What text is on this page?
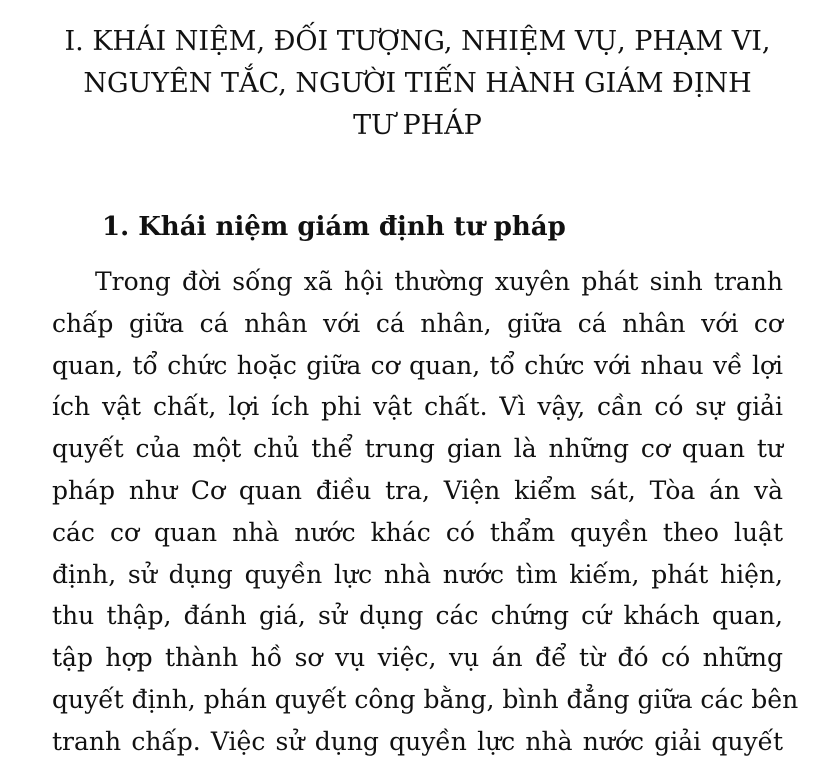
I. KHÁI NIỆM, ĐỐI TƯỢNG, NHIỆM VỤ, PHẠM VI,
NGUYÊN TẮC, NGƯỜI TIẾN HÀNH GIÁM ĐỊNH
TƯ PHÁP
1. Khái niệm giám định tư pháp
Trong đời sống xã hội thường xuyên phát sinh tranh
chấp giữa cá nhân với cá nhân, giữa cá nhân với cơ
quan, tổ chức hoặc giữa cơ quan, tổ chức với nhau về lợi
ích vật chất, lợi ích phi vật chất. Vì vậy, cần có sự giải
quyết của một chủ thể trung gian là những cơ quan tư
pháp như Cơ quan điều tra, Viện kiểm sát, Tòa án và
các cơ quan nhà nước khác có thẩm quyền theo luật
định, sử dụng quyền lực nhà nước tìm kiếm, phát hiện,
thu thập, đánh giá, sử dụng các chứng cứ khách quan,
tập hợp thành hồ sơ vụ việc, vụ án để từ đó có những
quyết định, phán quyết công bằng, bình đẳng giữa các bên
tranh chấp. Việc sử dụng quyền lực nhà nước giải quyết
